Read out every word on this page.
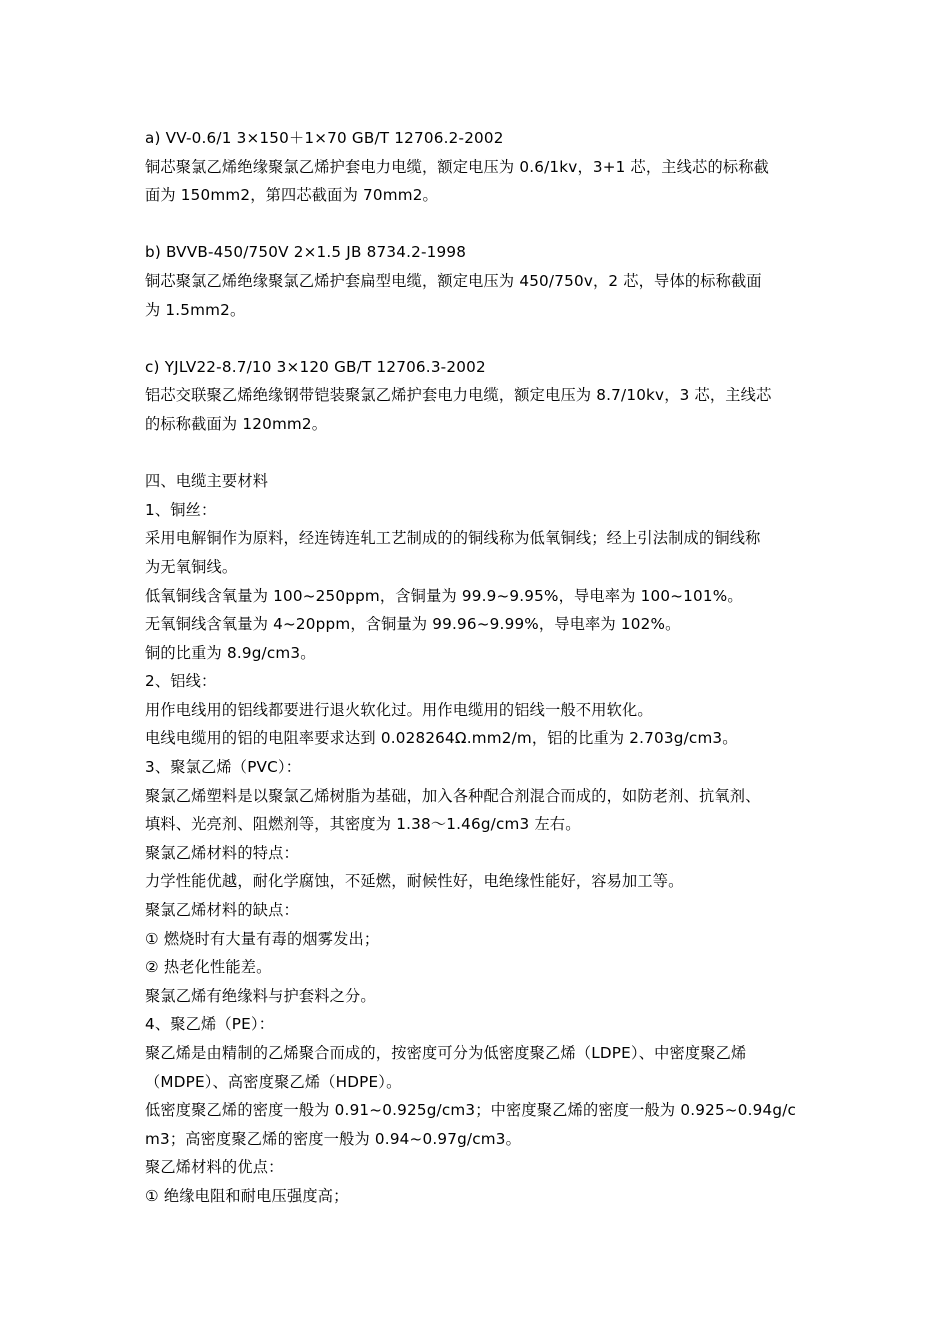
a) VV-0.6/1 3×150＋1×70 GB/T 12706.2-2002
铜芯聚氯乙烯绝缘聚氯乙烯护套电力电缆，额定电压为 0.6/1kv，3+1 芯，主线芯的标称截
面为 150mm2，第四芯截面为 70mm2。
b) BVVB-450/750V 2×1.5 JB 8734.2-1998
铜芯聚氯乙烯绝缘聚氯乙烯护套扁型电缆，额定电压为 450/750v，2 芯，导体的标称截面
为 1.5mm2。
c) YJLV22-8.7/10 3×120 GB/T 12706.3-2002
铝芯交联聚乙烯绝缘钢带铠装聚氯乙烯护套电力电缆，额定电压为 8.7/10kv，3 芯，主线芯
的标称截面为 120mm2。
四、电缆主要材料
1、铜丝：
采用电解铜作为原料，经连铸连轧工艺制成的的铜线称为低氧铜线；经上引法制成的铜线称
为无氧铜线。
低氧铜线含氧量为 100~250ppm，含铜量为 99.9~9.95%，导电率为 100~101%。
无氧铜线含氧量为 4~20ppm，含铜量为 99.96~9.99%，导电率为 102%。
铜的比重为 8.9g/cm3。
2、铝线：
用作电线用的铝线都要进行退火软化过。用作电缆用的铝线一般不用软化。
电线电缆用的铝的电阻率要求达到 0.028264Ω.mm2/m，铝的比重为 2.703g/cm3。
3、聚氯乙烯（PVC）：
聚氯乙烯塑料是以聚氯乙烯树脂为基础，加入各种配合剂混合而成的，如防老剂、抗氧剂、
填料、光亮剂、阻燃剂等，其密度为 1.38～1.46g/cm3 左右。
聚氯乙烯材料的特点：
力学性能优越，耐化学腐蚀，不延燃，耐候性好，电绝缘性能好，容易加工等。
聚氯乙烯材料的缺点：
① 燃烧时有大量有毒的烟雾发出；
② 热老化性能差。
聚氯乙烯有绝缘料与护套料之分。
4、聚乙烯（PE）：
聚乙烯是由精制的乙烯聚合而成的，按密度可分为低密度聚乙烯（LDPE）、中密度聚乙烯
（MDPE）、高密度聚乙烯（HDPE）。
低密度聚乙烯的密度一般为 0.91~0.925g/cm3；中密度聚乙烯的密度一般为 0.925~0.94g/c
m3；高密度聚乙烯的密度一般为 0.94~0.97g/cm3。
聚乙烯材料的优点：
① 绝缘电阻和耐电压强度高；
